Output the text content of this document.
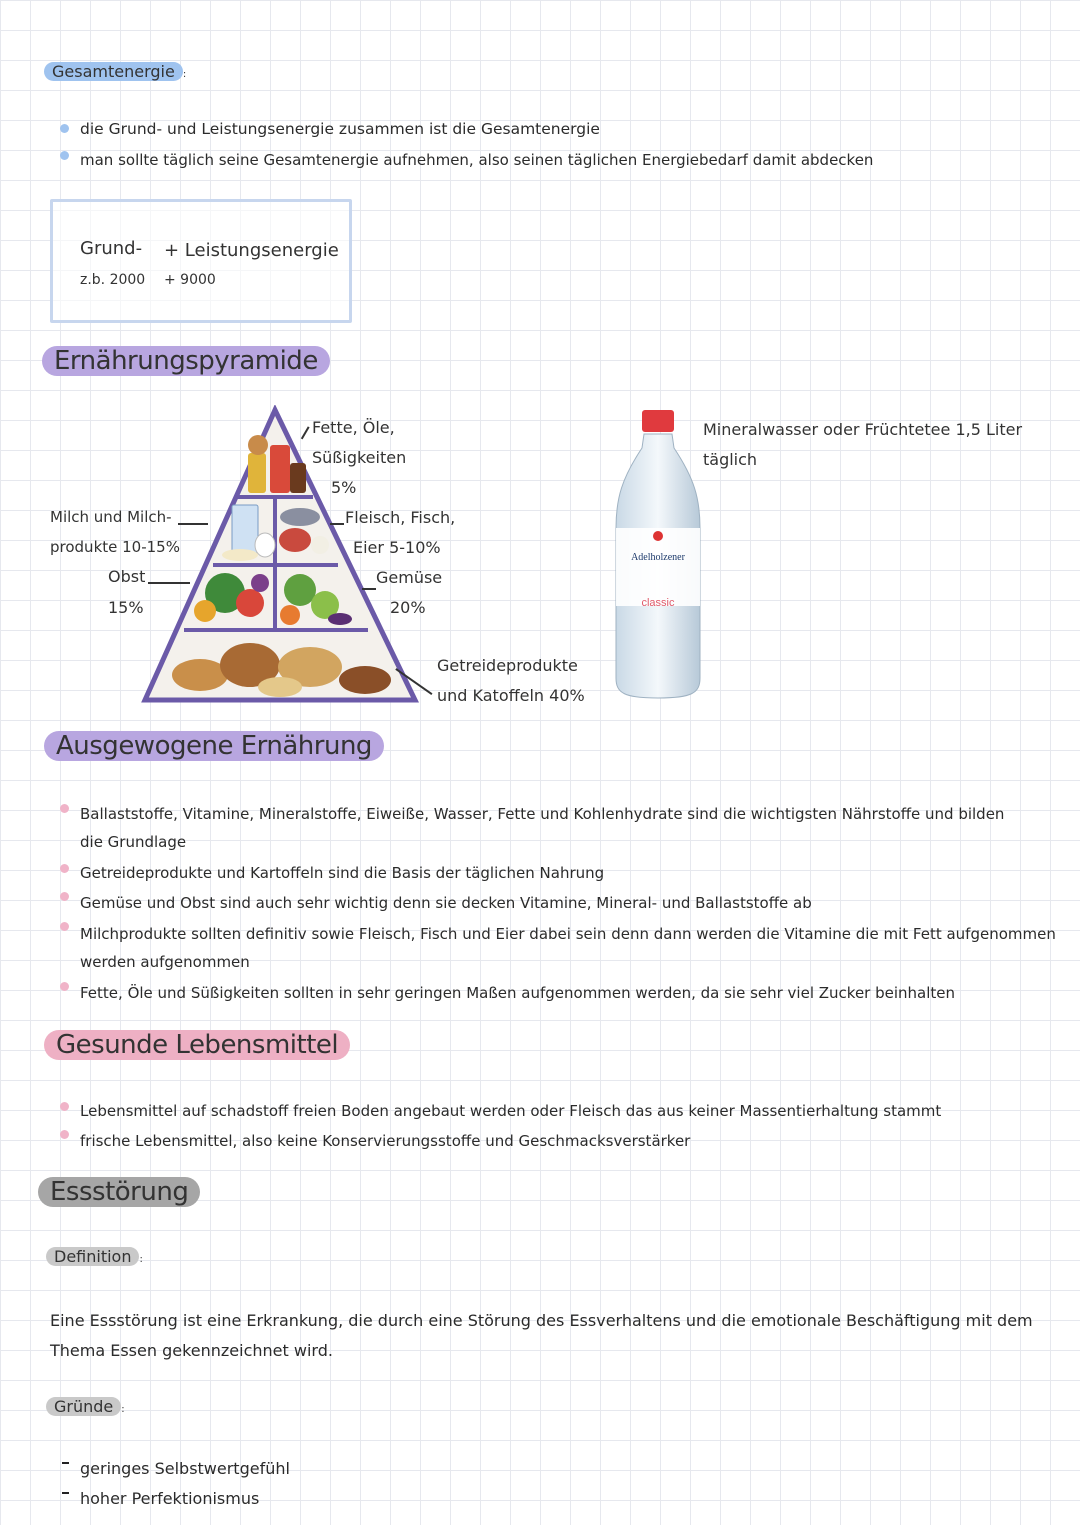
Gesamtenergie :
die Grund- und Leistungsenergie zusammen ist die Gesamtenergie
man sollte täglich seine Gesamtenergie aufnehmen, also seinen täglichen Energiebedarf damit abdecken
Grund-
z.b. 2000
+ Leistungsenergie
+ 9000
Ernährungspyramide
Fette, Öle,
Süßigkeiten
5%
Milch und Milch-
produkte 10-15%
Fleisch, Fisch,
Eier 5-10%
Obst
15%
Gemüse
20%
Getreideprodukte
und Katoffeln 40%
Adelholzener
classic
Mineralwasser oder Früchtetee 1,5 Liter
täglich
Ausgewogene Ernährung
Ballaststoffe, Vitamine, Mineralstoffe, Eiweiße, Wasser, Fette und Kohlenhydrate sind die wichtigsten Nährstoffe und bilden die Grundlage
Getreideprodukte und Kartoffeln sind die Basis der täglichen Nahrung
Gemüse und Obst sind auch sehr wichtig denn sie decken Vitamine, Mineral- und Ballaststoffe ab
Milchprodukte sollten definitiv sowie Fleisch, Fisch und Eier dabei sein denn dann werden die Vitamine die mit Fett aufgenommen werden aufgenommen
Fette, Öle und Süßigkeiten sollten in sehr geringen Maßen aufgenommen werden, da sie sehr viel Zucker beinhalten
Gesunde Lebensmittel
Lebensmittel auf schadstoff freien Boden angebaut werden oder Fleisch das aus keiner Massentierhaltung stammt
frische Lebensmittel, also keine Konservierungsstoffe und Geschmacksverstärker
Essstörung
Definition :
Eine Essstörung ist eine Erkrankung, die durch eine Störung des Essverhaltens und die emotionale Beschäftigung mit dem Thema Essen gekennzeichnet wird.
Gründe :
geringes Selbstwertgefühl
hoher Perfektionismus
